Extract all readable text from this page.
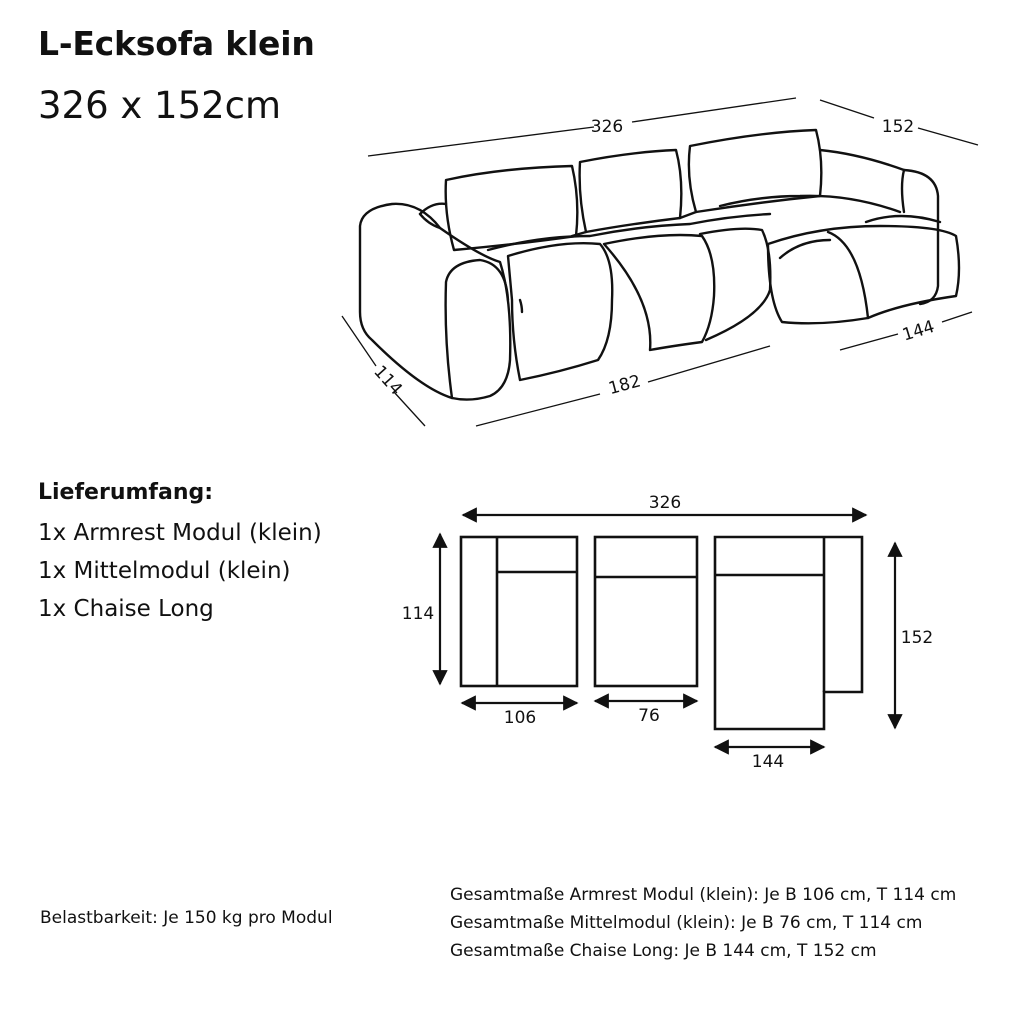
L-Ecksofa klein
326 x 152cm	326	152
114	182
144
326
114
152
106	76
144
Lieferumfang:
1x Armrest Modul (klein)
1x Mittelmodul (klein)
1x Chaise Long
Belastbarkeit: Je 150 kg pro Modul
Gesamtmaße Armrest Modul (klein): Je B 106 cm, T 114 cm
Gesamtmaße Mittelmodul (klein): Je B 76 cm, T 114 cm
Gesamtmaße Chaise Long: Je B 144 cm, T 152 cm
